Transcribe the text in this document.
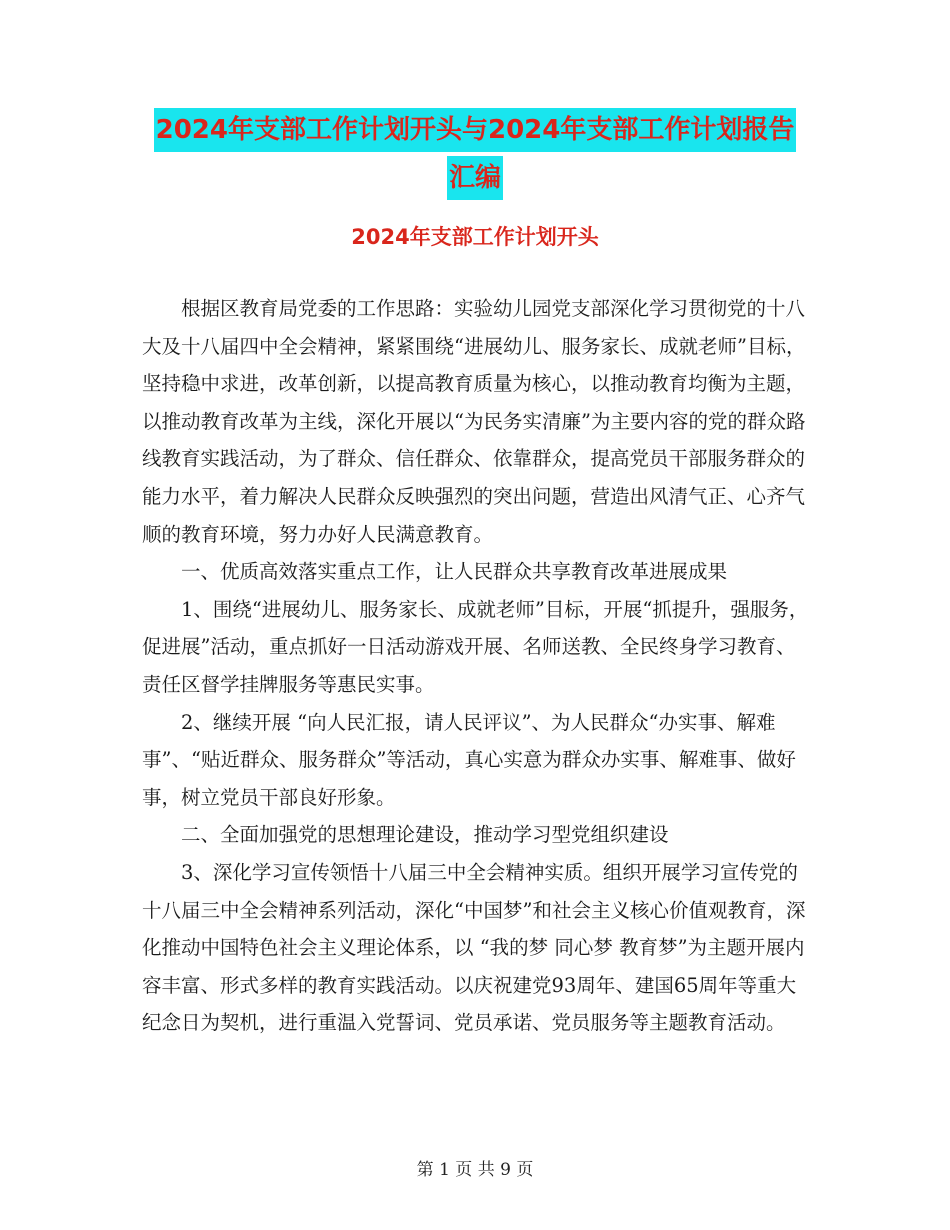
2024年支部工作计划开头与2024年支部工作计划报告
汇编
2024年支部工作计划开头

根据区教育局党委的工作思路：实验幼儿园党支部深化学习贯彻党的十八大及十八届四中全会精神，紧紧围绕“进展幼儿、服务家长、成就老师”目标，坚持稳中求进，改革创新，以提高教育质量为核心，以推动教育均衡为主题，以推动教育改革为主线，深化开展以“为民务实清廉”为主要内容的党的群众路线教育实践活动，为了群众、信任群众、依靠群众，提高党员干部服务群众的能力水平，着力解决人民群众反映强烈的突出问题，营造出风清气正、心齐气顺的教育环境，努力办好人民满意教育。

一、优质高效落实重点工作，让人民群众共享教育改革进展成果

1、围绕“进展幼儿、服务家长、成就老师”目标，开展“抓提升，强服务，促进展”活动，重点抓好一日活动游戏开展、名师送教、全民终身学习教育、责任区督学挂牌服务等惠民实事。

2、继续开展 “向人民汇报，请人民评议”、为人民群众“办实事、解难事”、“贴近群众、服务群众”等活动，真心实意为群众办实事、解难事、做好事，树立党员干部良好形象。

二、全面加强党的思想理论建设，推动学习型党组织建设

3、深化学习宣传领悟十八届三中全会精神实质。组织开展学习宣传党的十八届三中全会精神系列活动，深化“中国梦”和社会主义核心价值观教育，深化推动中国特色社会主义理论体系，以 “我的梦 同心梦 教育梦”为主题开展内容丰富、形式多样的教育实践活动。以庆祝建党93周年、建国65周年等重大纪念日为契机，进行重温入党誓词、党员承诺、党员服务等主题教育活动。

第 1 页 共 9 页
